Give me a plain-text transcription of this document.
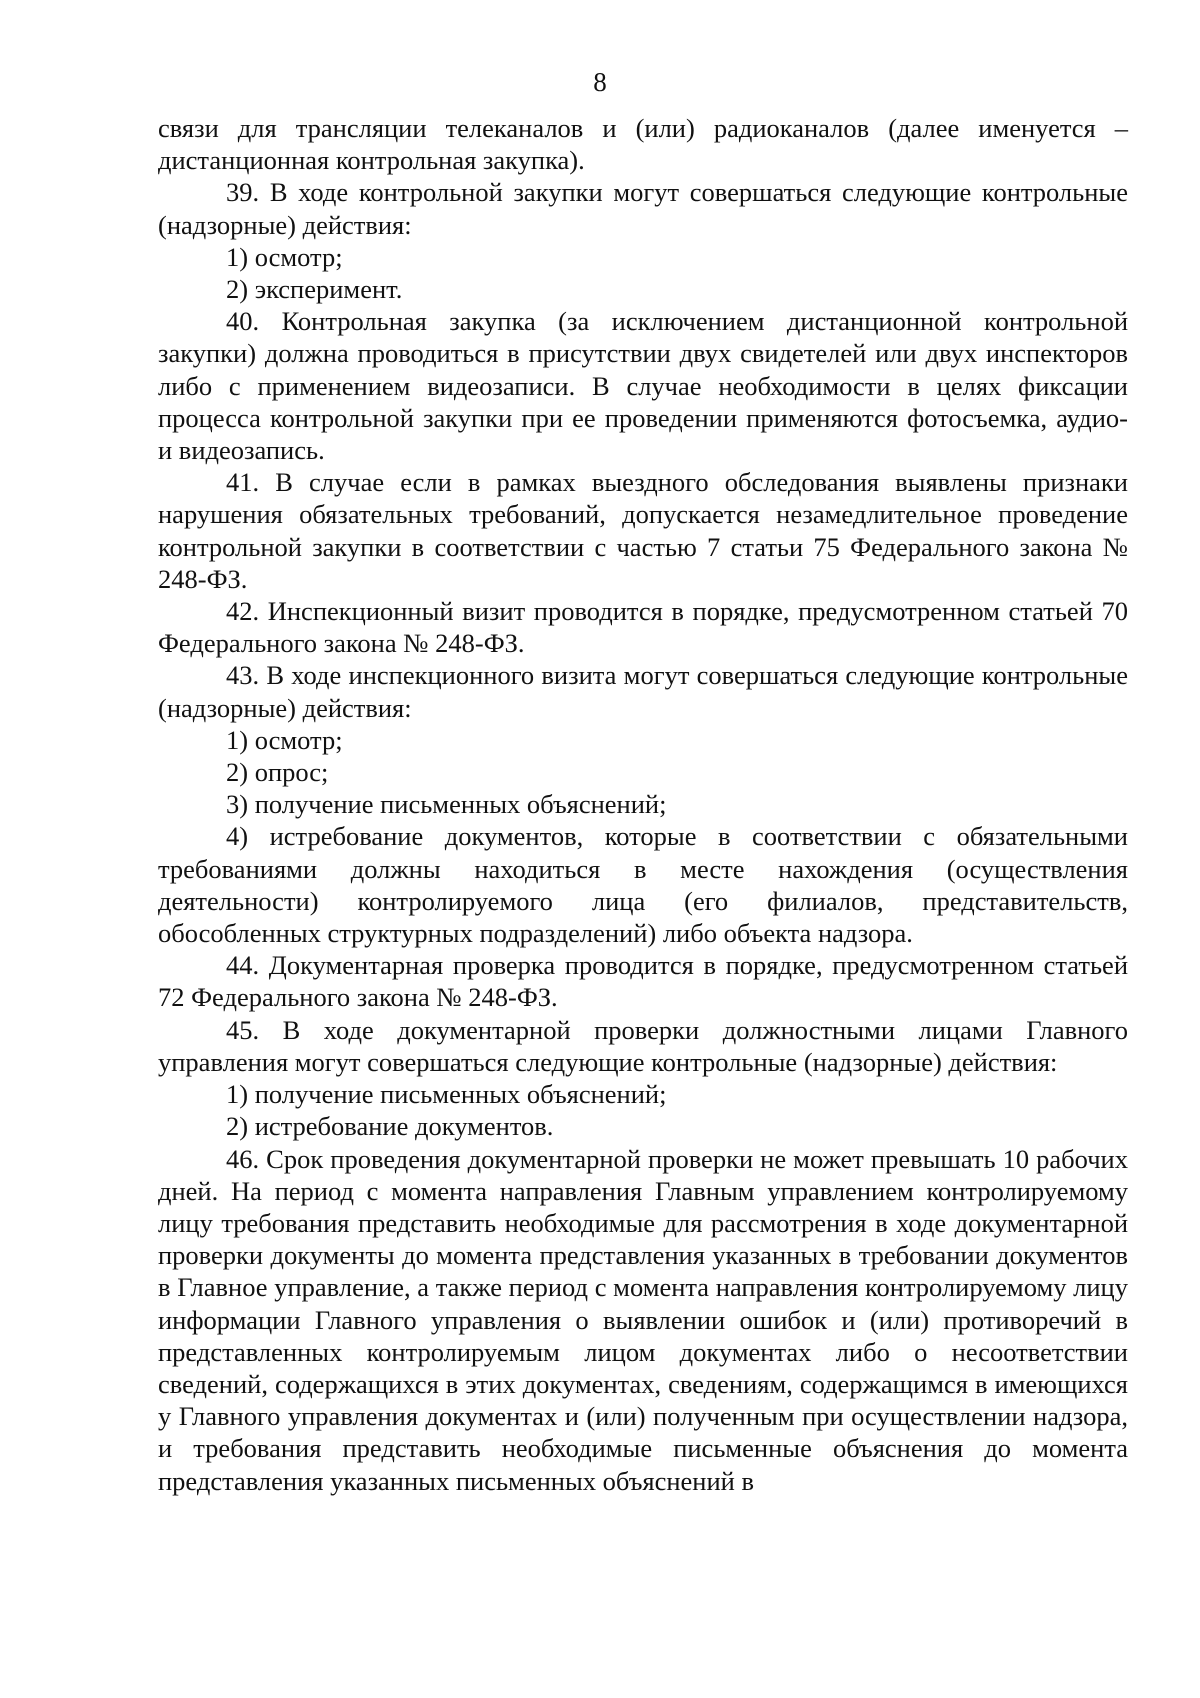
8

связи для трансляции телеканалов и (или) радиоканалов (далее именуется – дистанционная контрольная закупка).

39. В ходе контрольной закупки могут совершаться следующие контрольные (надзорные) действия:

1) осмотр;

2) эксперимент.

40. Контрольная закупка (за исключением дистанционной контрольной закупки) должна проводиться в присутствии двух свидетелей или двух инспекторов либо с применением видеозаписи. В случае необходимости в целях фиксации процесса контрольной закупки при ее проведении применяются фотосъемка, аудио- и видеозапись.

41. В случае если в рамках выездного обследования выявлены признаки нарушения обязательных требований, допускается незамедлительное проведение контрольной закупки в соответствии с частью 7 статьи 75 Федерального закона № 248-ФЗ.

42. Инспекционный визит проводится в порядке, предусмотренном статьей 70 Федерального закона № 248-ФЗ.

43. В ходе инспекционного визита могут совершаться следующие контрольные (надзорные) действия:

1) осмотр;

2) опрос;

3) получение письменных объяснений;

4) истребование документов, которые в соответствии с обязательными требованиями должны находиться в месте нахождения (осуществления деятельности) контролируемого лица (его филиалов, представительств, обособленных структурных подразделений) либо объекта надзора.

44. Документарная проверка проводится в порядке, предусмотренном статьей 72 Федерального закона № 248-ФЗ.

45. В ходе документарной проверки должностными лицами Главного управления могут совершаться следующие контрольные (надзорные) действия:

1) получение письменных объяснений;

2) истребование документов.

46. Срок проведения документарной проверки не может превышать 10 рабочих дней. На период с момента направления Главным управлением контролируемому лицу требования представить необходимые для рассмотрения в ходе документарной проверки документы до момента представления указанных в требовании документов в Главное управление, а также период с момента направления контролируемому лицу информации Главного управления о выявлении ошибок и (или) противоречий в представленных контролируемым лицом документах либо о несоответствии сведений, содержащихся в этих документах, сведениям, содержащимся в имеющихся у Главного управления документах и (или) полученным при осуществлении надзора, и требования представить необходимые письменные объяснения до момента представления указанных письменных объяснений в
